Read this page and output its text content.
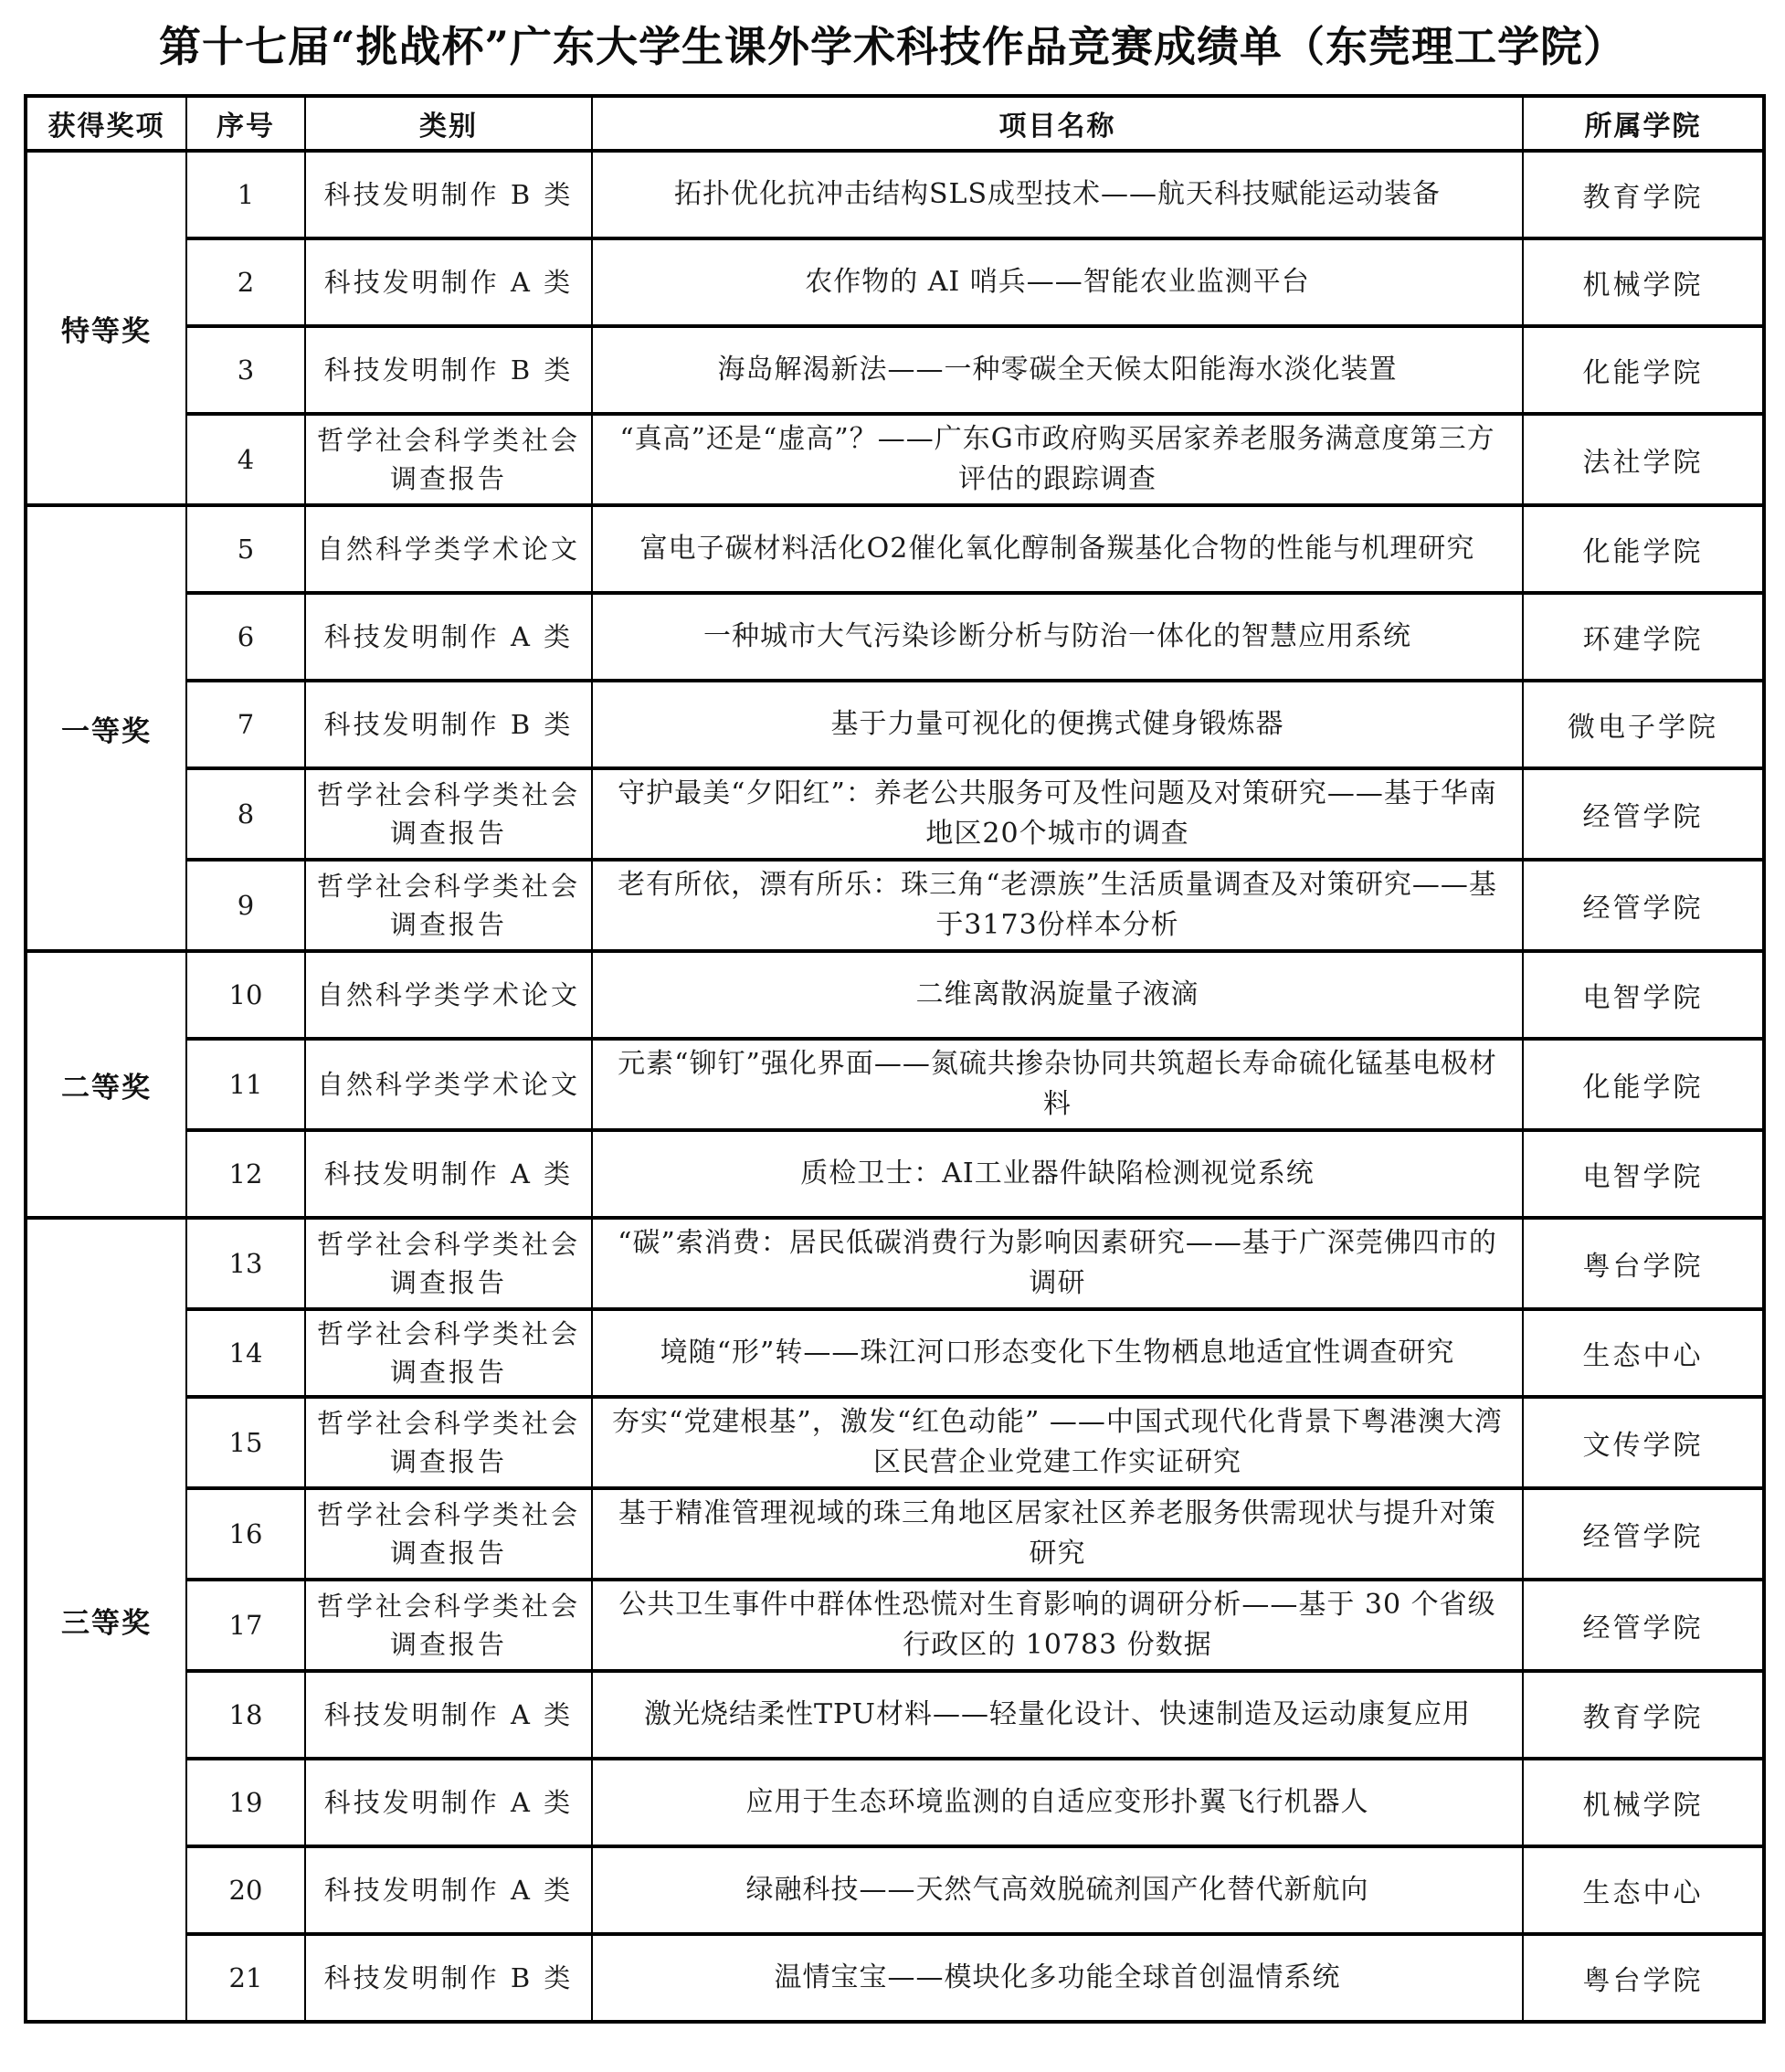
第十七届“挑战杯”广东大学生课外学术科技作品竞赛成绩单（东莞理工学院）
获得奖项	序号	类别	项目名称	所属学院
特等奖	1	科技发明制作 B 类	拓扑优化抗冲击结构SLS成型技术——航天科技赋能运动装备	教育学院
	2	科技发明制作 A 类	农作物的 AI 哨兵——智能农业监测平台	机械学院
	3	科技发明制作 B 类	海岛解渴新法——一种零碳全天候太阳能海水淡化装置	化能学院
	4	哲学社会科学类社会调查报告	“真高”还是“虚高”？——广东G市政府购买居家养老服务满意度第三方评估的跟踪调查	法社学院
一等奖	5	自然科学类学术论文	富电子碳材料活化O2催化氧化醇制备羰基化合物的性能与机理研究	化能学院
	6	科技发明制作 A 类	一种城市大气污染诊断分析与防治一体化的智慧应用系统	环建学院
	7	科技发明制作 B 类	基于力量可视化的便携式健身锻炼器	微电子学院
	8	哲学社会科学类社会调查报告	守护最美“夕阳红”：养老公共服务可及性问题及对策研究——基于华南地区20个城市的调查	经管学院
	9	哲学社会科学类社会调查报告	老有所依，漂有所乐：珠三角“老漂族”生活质量调查及对策研究——基于3173份样本分析	经管学院
二等奖	10	自然科学类学术论文	二维离散涡旋量子液滴	电智学院
	11	自然科学类学术论文	元素“铆钉”强化界面——氮硫共掺杂协同共筑超长寿命硫化锰基电极材料	化能学院
	12	科技发明制作 A 类	质检卫士：AI工业器件缺陷检测视觉系统	电智学院
三等奖	13	哲学社会科学类社会调查报告	“碳”索消费：居民低碳消费行为影响因素研究——基于广深莞佛四市的调研	粤台学院
	14	哲学社会科学类社会调查报告	境随“形”转——珠江河口形态变化下生物栖息地适宜性调查研究	生态中心
	15	哲学社会科学类社会调查报告	夯实“党建根基”，激发“红色动能” ——中国式现代化背景下粤港澳大湾区民营企业党建工作实证研究	文传学院
	16	哲学社会科学类社会调查报告	基于精准管理视域的珠三角地区居家社区养老服务供需现状与提升对策研究	经管学院
	17	哲学社会科学类社会调查报告	公共卫生事件中群体性恐慌对生育影响的调研分析——基于 30 个省级行政区的 10783 份数据	经管学院
	18	科技发明制作 A 类	激光烧结柔性TPU材料——轻量化设计、快速制造及运动康复应用	教育学院
	19	科技发明制作 A 类	应用于生态环境监测的自适应变形扑翼飞行机器人	机械学院
	20	科技发明制作 A 类	绿融科技——天然气高效脱硫剂国产化替代新航向	生态中心
	21	科技发明制作 B 类	温情宝宝——模块化多功能全球首创温情系统	粤台学院
